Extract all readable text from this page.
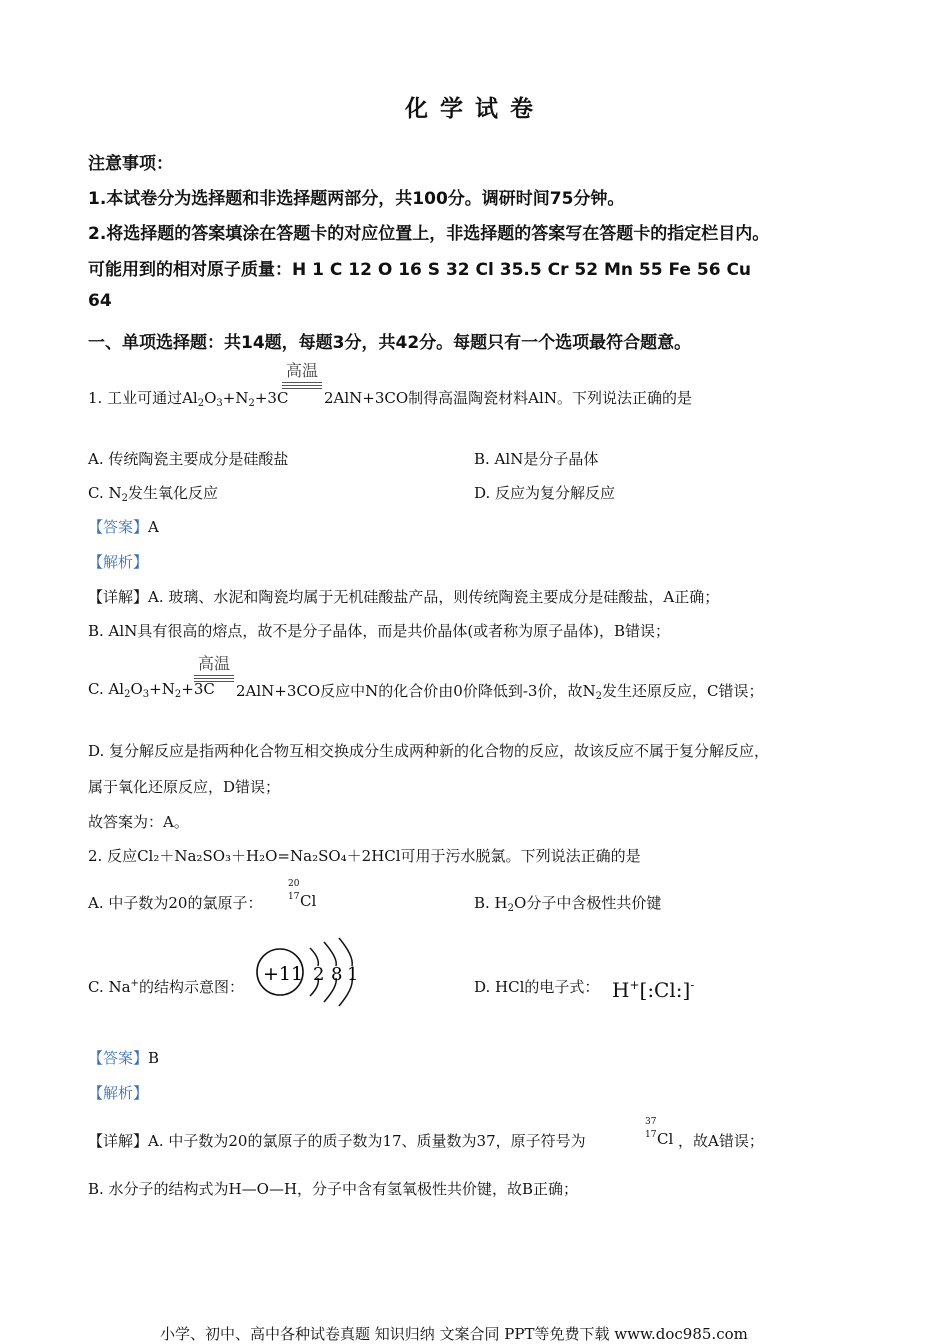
化学试卷
注意事项：
1.本试卷分为选择题和非选择题两部分，共100分。调研时间75分钟。
2.将选择题的答案填涂在答题卡的对应位置上，非选择题的答案写在答题卡的指定栏目内。
可能用到的相对原子质量：H 1 C 12 O 16 S 32 Cl 35.5 Cr 52 Mn 55 Fe 56 Cu
64
一、单项选择题：共14题，每题3分，共42分。每题只有一个选项最符合题意。
1. 工业可通过$Al_2O_3+N_2+3C$
高温
2AlN+3CO制得高温陶瓷材料AlN。下列说法正确的是
A. 传统陶瓷主要成分是硅酸盐	B. AlN是分子晶体
C. $N_2$发生氧化反应	D. 反应为复分解反应
【答案】A
【解析】
【详解】A. 玻璃、水泥和陶瓷均属于无机硅酸盐产品，则传统陶瓷主要成分是硅酸盐，A正确；
B. AlN具有很高的熔点，故不是分子晶体，而是共价晶体(或者称为原子晶体)，B错误；
C. $Al_2O_3+N_2+3C$
高温
2AlN+3CO反应中N的化合价由0价降低到-3价，故$N_2$发生还原反应，C错误；
D. 复分解反应是指两种化合物互相交换成分生成两种新的化合物的反应，故该反应不属于复分解反应，
属于氧化还原反应，D错误；
故答案为：A。
2. 反应Cl₂＋Na₂SO₃＋H₂O=Na₂SO₄＋2HCl可用于污水脱氯。下列说法正确的是
A. 中子数为20的氯原子：
20
17 Cl	B. $H_2O$分子中含极性共价键
C. Na+的结构示意图：
+11 2 8 1
D. HCl的电子式： H+[:Cl:]-
【答案】B
【解析】
【详解】A. 中子数为20的氯原子的质子数为17、质量数为37，原子符号为
37
17 Cl ，故A错误；
B. 水分子的结构式为H—O—H，分子中含有氢氧极性共价键，故B正确；
小学、初中、高中各种试卷真题 知识归纳 文案合同 PPT等免费下载 www.doc985.com
